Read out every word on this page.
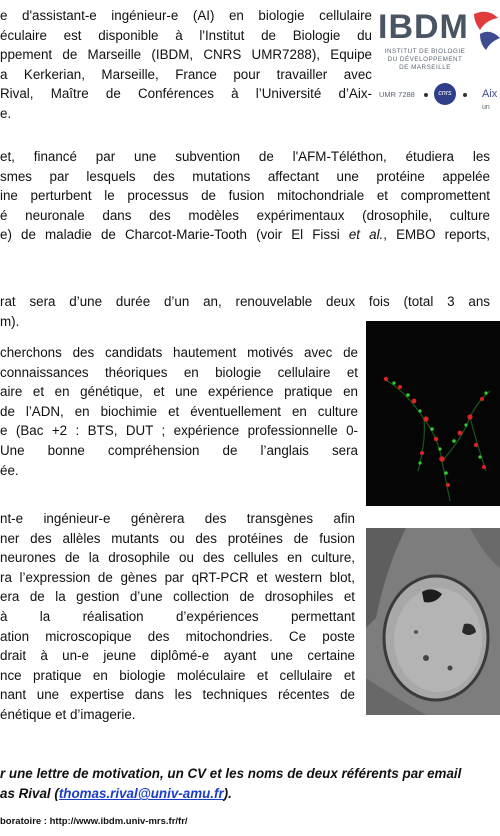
e d'assistant-e ingénieur-e (AI) en biologie cellulaire
éculaire est disponible à l'Institut de Biologie du
ppement de Marseille (IBDM, CNRS UMR7288), Equipe
a Kerkerian, Marseille, France pour travailler avec
Rival, Maître de Conférences à l’Université d’Aix-
e.
IBDM
INSTITUT DE BIOLOGIE DU DÉVELOPPEMENT DE MARSEILLE
UMR 7288	cnrs	Aix un
et, financé par une subvention de l'AFM-Téléthon, étudiera les
smes par lesquels des mutations affectant une protéine appelée
ine perturbent le processus de fusion mitochondriale et compromettent
é neuronale dans des modèles expérimentaux (drosophile, culture
e) de maladie de Charcot-Marie-Tooth (voir El Fissi et al., EMBO reports,
rat sera d’une durée d’un an, renouvelable deux fois (total 3 ans
m).
cherchons des candidats hautement motivés avec de
connaissances théoriques en biologie cellulaire et
aire et en génétique, et une expérience pratique en
de l’ADN, en biochimie et éventuellement en culture
e (Bac +2 : BTS, DUT ; expérience professionnelle 0-
Une bonne compréhension de l’anglais sera
ée.
nt-e ingénieur-e génèrera des transgènes afin
ner des allèles mutants ou des protéines de fusion
neurones de la drosophile ou des cellules en culture,
ra l’expression de gènes par qRT-PCR et western blot,
era de la gestion d’une collection de drosophiles et
à la réalisation d’expériences permettant
ation microscopique des mitochondries. Ce poste
drait à un-e jeune diplômé-e ayant une certaine
nce pratique en biologie moléculaire et cellulaire et
nant une expertise dans les techniques récentes de
énétique et d’imagerie.
r une lettre de motivation, un CV et les noms de deux référents par email
as Rival (thomas.rival@univ-amu.fr).
boratoire : http://www.ibdm.univ-mrs.fr/fr/
